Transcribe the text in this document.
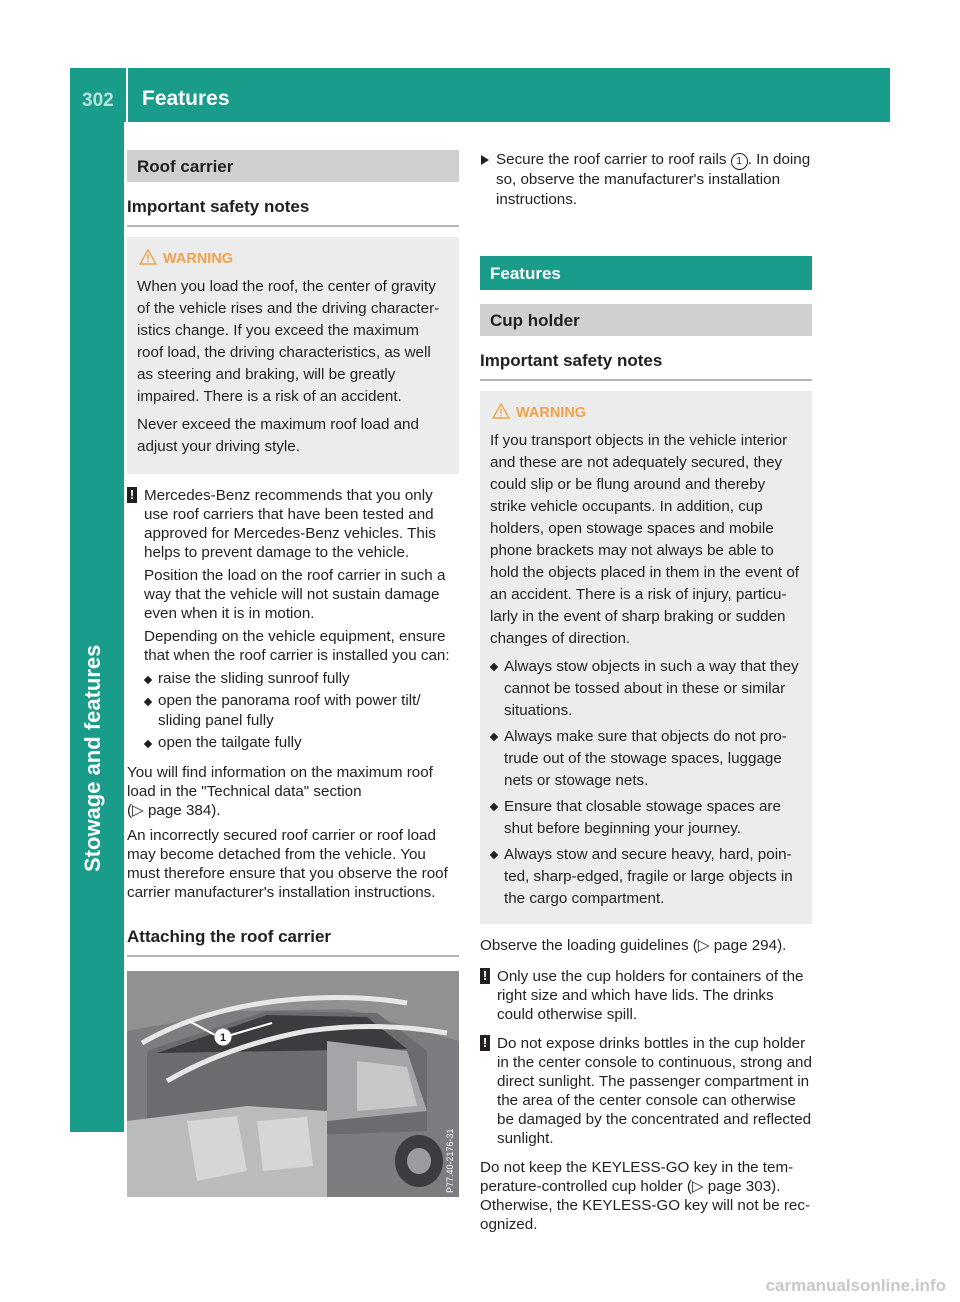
302 Features
Stowage and features
Roof carrier
Important safety notes
WARNING

When you load the roof, the center of gravity of the vehicle rises and the driving characteristics change. If you exceed the maximum roof load, the driving characteristics, as well as steering and braking, will be greatly impaired. There is a risk of an accident.

Never exceed the maximum roof load and adjust your driving style.

! Mercedes-Benz recommends that you only use roof carriers that have been tested and approved for Mercedes-Benz vehicles. This helps to prevent damage to the vehicle.

Position the load on the roof carrier in such a way that the vehicle will not sustain damage even when it is in motion.

Depending on the vehicle equipment, ensure that when the roof carrier is installed you can:

raise the sliding sunroof fully
open the panorama roof with power tilt/ sliding panel fully
open the tailgate fully

You will find information on the maximum roof load in the "Technical data" section
(▷ page 384).

An incorrectly secured roof carrier or roof load may become detached from the vehicle. You must therefore ensure that you observe the roof carrier manufacturer's installation instructions.

Attaching the roof carrier
1
P77.40-2176-31
Secure the roof carrier to roof rails 1 . In doing so, observe the manufacturer's installation instructions.
Features
Cup holder
Important safety notes
WARNING

If you transport objects in the vehicle interior and these are not adequately secured, they could slip or be flung around and thereby strike vehicle occupants. In addition, cup holders, open stowage spaces and mobile phone brackets may not always be able to hold the objects placed in them in the event of an accident. There is a risk of injury, particularly in the event of sharp braking or sudden changes of direction.

Always stow objects in such a way that they cannot be tossed about in these or similar situations.
Always make sure that objects do not protrude out of the stowage spaces, luggage nets or stowage nets.
Ensure that closable stowage spaces are shut before beginning your journey.
Always stow and secure heavy, hard, pointed, sharp-edged, fragile or large objects in the cargo compartment.

Observe the loading guidelines (▷ page 294).

! Only use the cup holders for containers of the right size and which have lids. The drinks could otherwise spill.

! Do not expose drinks bottles in the cup holder in the center console to continuous, strong and direct sunlight. The passenger compartment in the area of the center console can otherwise be damaged by the concentrated and reflected sunlight.

Do not keep the KEYLESS-GO key in the temperature-controlled cup holder (▷ page 303). Otherwise, the KEYLESS-GO key will not be recognized.

carmanualsonline.info
